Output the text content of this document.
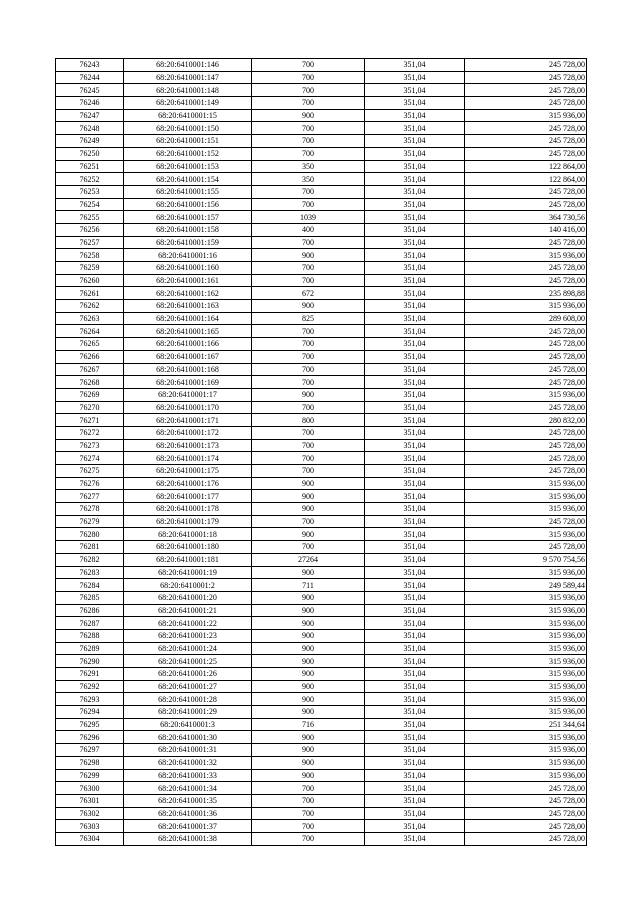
76243	68:20:6410001:146	700	351,04	245 728,00
76244	68:20:6410001:147	700	351,04	245 728,00
76245	68:20:6410001:148	700	351,04	245 728,00
76246	68:20:6410001:149	700	351,04	245 728,00
76247	68:20:6410001:15	900	351,04	315 936,00
76248	68:20:6410001:150	700	351,04	245 728,00
76249	68:20:6410001:151	700	351,04	245 728,00
76250	68:20:6410001:152	700	351,04	245 728,00
76251	68:20:6410001:153	350	351,04	122 864,00
76252	68:20:6410001:154	350	351,04	122 864,00
76253	68:20:6410001:155	700	351,04	245 728,00
76254	68:20:6410001:156	700	351,04	245 728,00
76255	68:20:6410001:157	1039	351,04	364 730,56
76256	68:20:6410001:158	400	351,04	140 416,00
76257	68:20:6410001:159	700	351,04	245 728,00
76258	68:20:6410001:16	900	351,04	315 936,00
76259	68:20:6410001:160	700	351,04	245 728,00
76260	68:20:6410001:161	700	351,04	245 728,00
76261	68:20:6410001:162	672	351,04	235 898,88
76262	68:20:6410001:163	900	351,04	315 936,00
76263	68:20:6410001:164	825	351,04	289 608,00
76264	68:20:6410001:165	700	351,04	245 728,00
76265	68:20:6410001:166	700	351,04	245 728,00
76266	68:20:6410001:167	700	351,04	245 728,00
76267	68:20:6410001:168	700	351,04	245 728,00
76268	68:20:6410001:169	700	351,04	245 728,00
76269	68:20:6410001:17	900	351,04	315 936,00
76270	68:20:6410001:170	700	351,04	245 728,00
76271	68:20:6410001:171	800	351,04	280 832,00
76272	68:20:6410001:172	700	351,04	245 728,00
76273	68:20:6410001:173	700	351,04	245 728,00
76274	68:20:6410001:174	700	351,04	245 728,00
76275	68:20:6410001:175	700	351,04	245 728,00
76276	68:20:6410001:176	900	351,04	315 936,00
76277	68:20:6410001:177	900	351,04	315 936,00
76278	68:20:6410001:178	900	351,04	315 936,00
76279	68:20:6410001:179	700	351,04	245 728,00
76280	68:20:6410001:18	900	351,04	315 936,00
76281	68:20:6410001:180	700	351,04	245 728,00
76282	68:20:6410001:181	27264	351,04	9 570 754,56
76283	68:20:6410001:19	900	351,04	315 936,00
76284	68:20:6410001:2	711	351,04	249 589,44
76285	68:20:6410001:20	900	351,04	315 936,00
76286	68:20:6410001:21	900	351,04	315 936,00
76287	68:20:6410001:22	900	351,04	315 936,00
76288	68:20:6410001:23	900	351,04	315 936,00
76289	68:20:6410001:24	900	351,04	315 936,00
76290	68:20:6410001:25	900	351,04	315 936,00
76291	68:20:6410001:26	900	351,04	315 936,00
76292	68:20:6410001:27	900	351,04	315 936,00
76293	68:20:6410001:28	900	351,04	315 936,00
76294	68:20:6410001:29	900	351,04	315 936,00
76295	68:20:6410001:3	716	351,04	251 344,64
76296	68:20:6410001:30	900	351,04	315 936,00
76297	68:20:6410001:31	900	351,04	315 936,00
76298	68:20:6410001:32	900	351,04	315 936,00
76299	68:20:6410001:33	900	351,04	315 936,00
76300	68:20:6410001:34	700	351,04	245 728,00
76301	68:20:6410001:35	700	351,04	245 728,00
76302	68:20:6410001:36	700	351,04	245 728,00
76303	68:20:6410001:37	700	351,04	245 728,00
76304	68:20:6410001:38	700	351,04	245 728,00
